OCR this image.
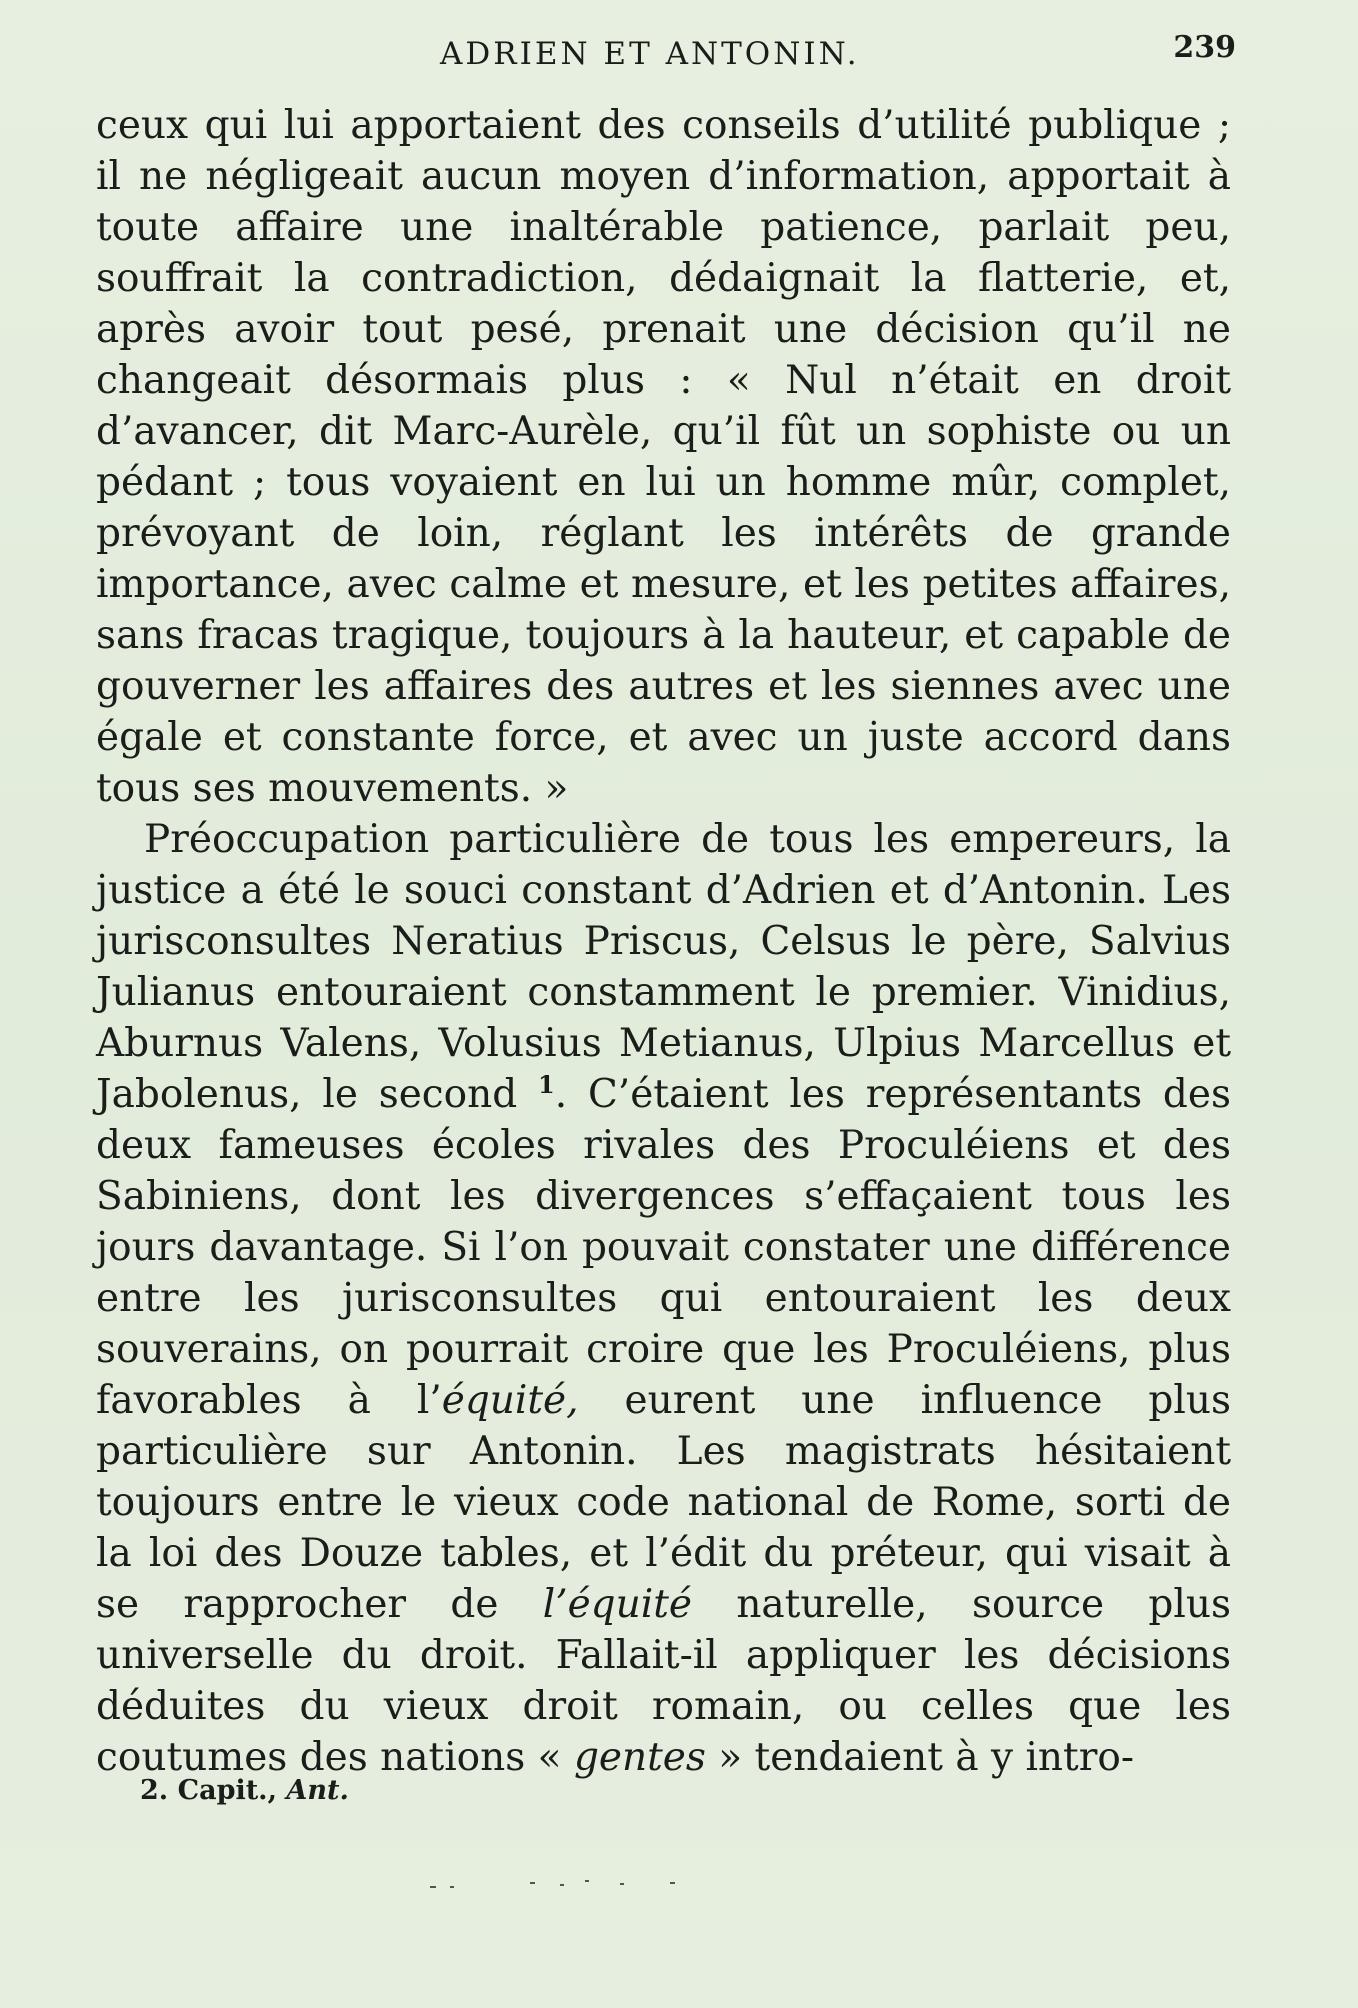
ADRIEN ET ANTONIN.	239

ceux qui lui apportaient des conseils d’utilité publique ; il ne négligeait aucun moyen d’information, apportait à toute affaire une inaltérable patience, parlait peu, souffrait la contradiction, dédaignait la flatterie, et, après avoir tout pesé, prenait une décision qu’il ne changeait désormais plus : « Nul n’était en droit d’avancer, dit Marc-Aurèle, qu’il fût un sophiste ou un pédant ; tous voyaient en lui un homme mûr, complet, prévoyant de loin, réglant les intérêts de grande importance, avec calme et mesure, et les petites affaires, sans fracas tragique, toujours à la hauteur, et capable de gouverner les affaires des autres et les siennes avec une égale et constante force, et avec un juste accord dans tous ses mouvements. »

Préoccupation particulière de tous les empereurs, la justice a été le souci constant d’Adrien et d’Antonin. Les jurisconsultes Neratius Priscus, Celsus le père, Salvius Julianus entouraient constamment le premier. Vinidius, Aburnus Valens, Volusius Metianus, Ulpius Marcellus et Jabolenus, le second $^1$. C’étaient les représentants des deux fameuses écoles rivales des Proculéiens et des Sabiniens, dont les divergences s’effaçaient tous les jours davantage. Si l’on pouvait constater une différence entre les jurisconsultes qui entouraient les deux souverains, on pourrait croire que les Proculéiens, plus favorables à l’équité, eurent une influence plus particulière sur Antonin. Les magistrats hésitaient toujours entre le vieux code national de Rome, sorti de la loi des Douze tables, et l’édit du préteur, qui visait à se rapprocher de l’équité naturelle, source plus universelle du droit. Fallait-il appliquer les décisions déduites du vieux droit romain, ou celles que les coutumes des nations « gentes » tendaient à y intro-

2. Capit., Ant.
